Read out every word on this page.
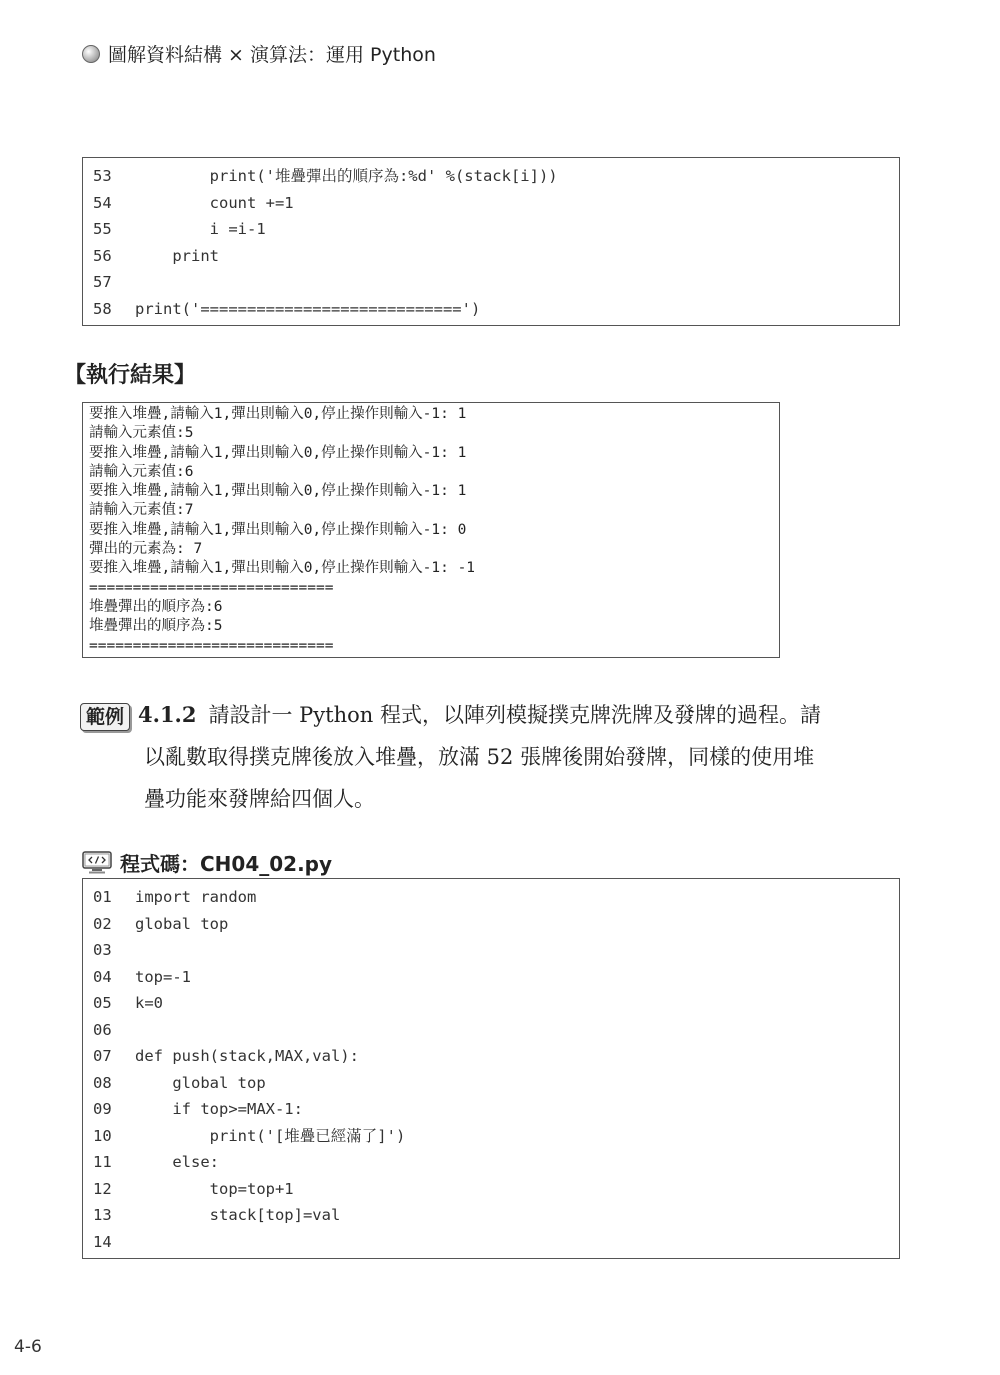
圖解資料結構 × 演算法：運用 Python
53	print('堆疊彈出的順序為:%d' %(stack[i]))
54	count +=1
55	i =i-1
56	print
57
58	print('============================')
【執行結果】
要推入堆疊,請輸入1,彈出則輸入0,停止操作則輸入-1: 1
請輸入元素值:5
要推入堆疊,請輸入1,彈出則輸入0,停止操作則輸入-1: 1
請輸入元素值:6
要推入堆疊,請輸入1,彈出則輸入0,停止操作則輸入-1: 1
請輸入元素值:7
要推入堆疊,請輸入1,彈出則輸入0,停止操作則輸入-1: 0
彈出的元素為: 7
要推入堆疊,請輸入1,彈出則輸入0,停止操作則輸入-1: -1
============================
堆疊彈出的順序為:6
堆疊彈出的順序為:5
============================
範例 4.1.2 請設計一 Python 程式，以陣列模擬撲克牌洗牌及發牌的過程。請
以亂數取得撲克牌後放入堆疊，放滿 52 張牌後開始發牌，同樣的使用堆
疊功能來發牌給四個人。
程式碼：CH04_02.py
01	import random
02	global top
03
04	top=-1
05	k=0
06
07	def push(stack,MAX,val):
08	global top
09	if top>=MAX-1:
10	print('[堆疊已經滿了]')
11	else:
12	top=top+1
13	stack[top]=val
14
4-6
